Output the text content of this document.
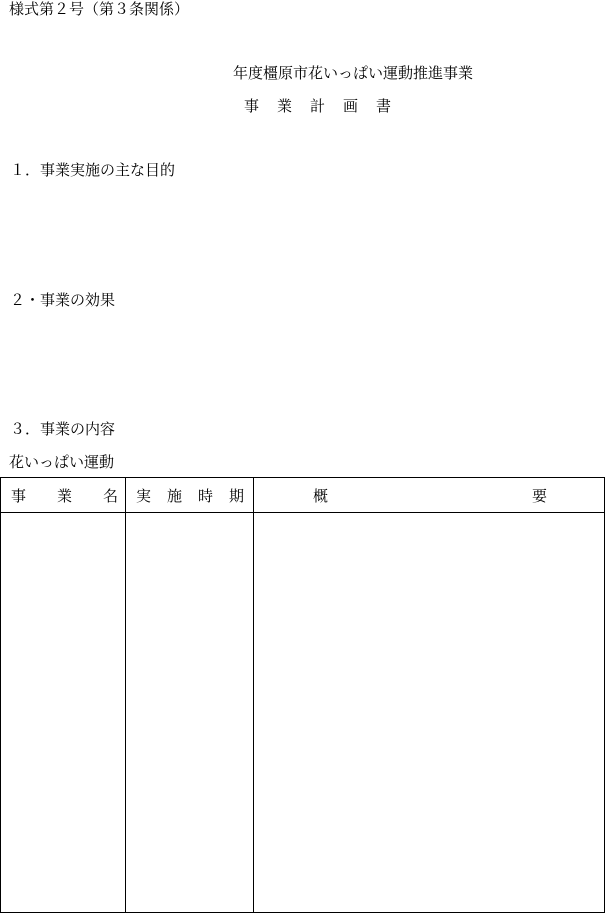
様式第２号（第３条関係）
年度橿原市花いっぱい運動推進事業
事業計画書
１．事業実施の主な目的
２・事業の効果
３．事業の内容
花いっぱい運動
事業名	実施時期	概要
